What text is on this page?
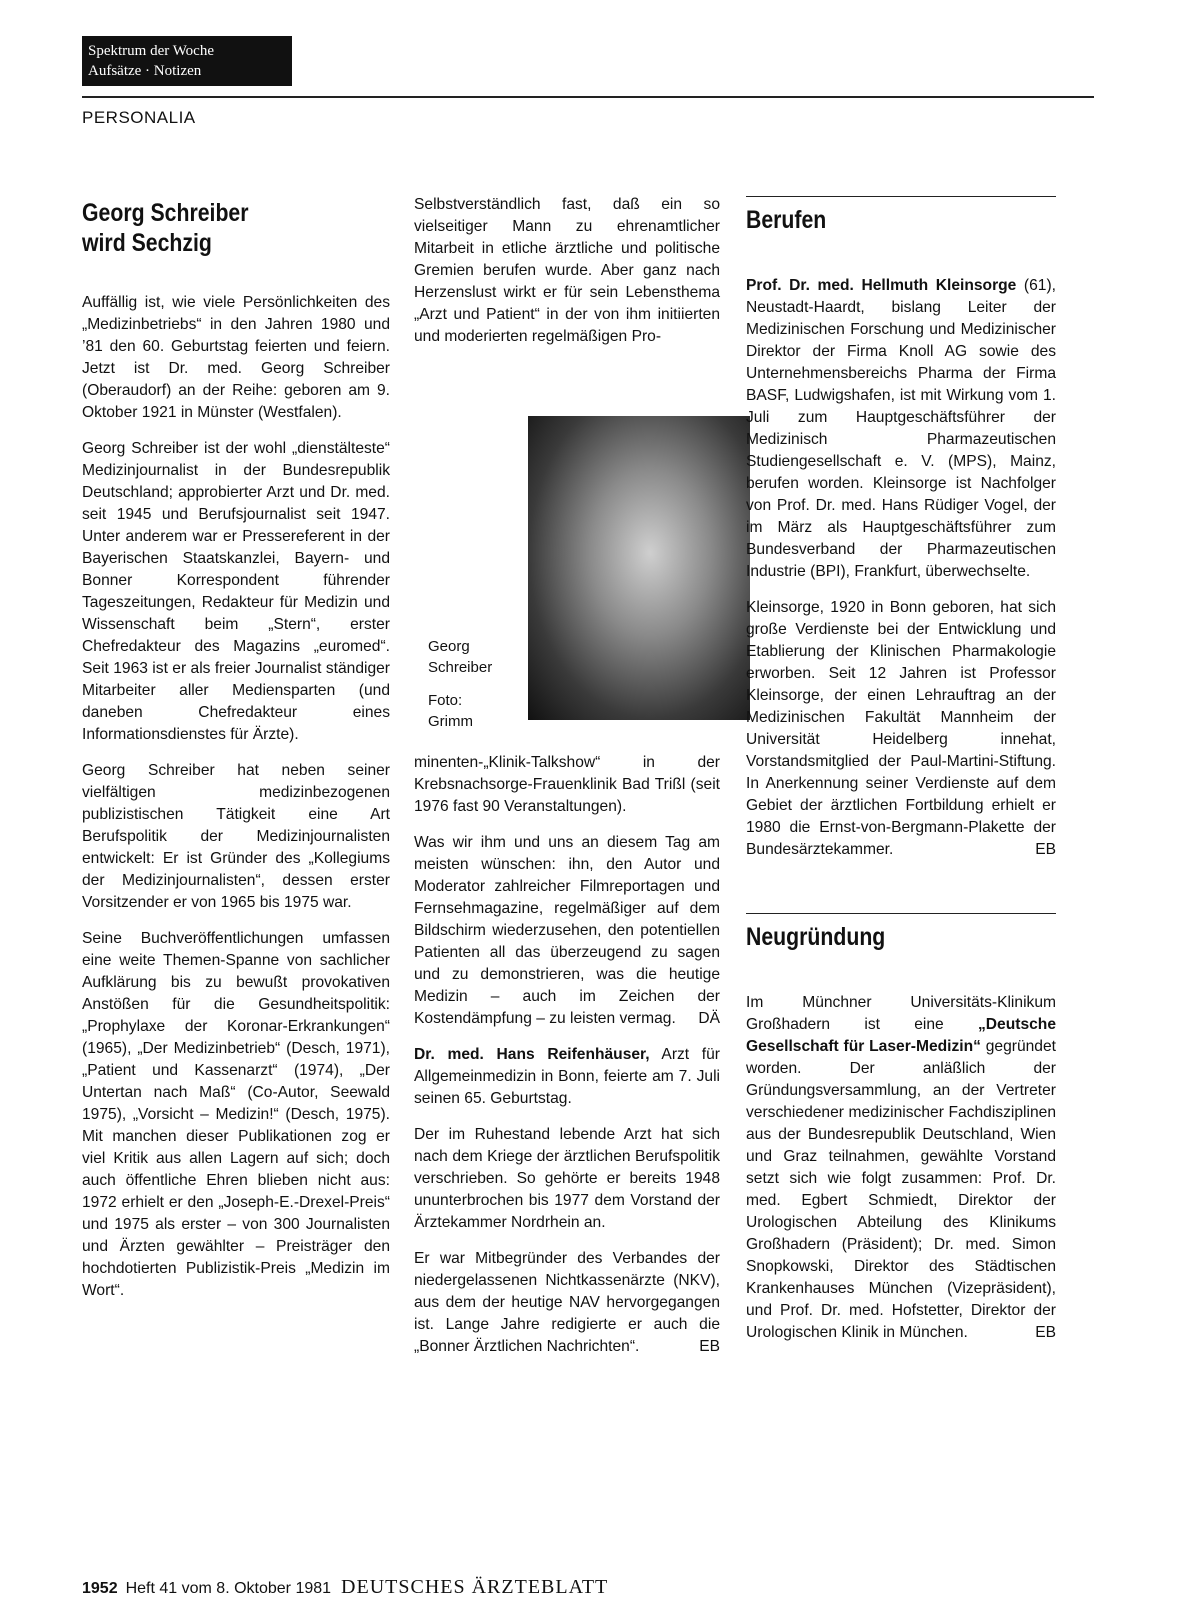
Spektrum der Woche
Aufsätze · Notizen
PERSONALIA
Georg Schreiber
wird Sechzig

Auffällig ist, wie viele Persönlichkeiten des „Medizinbetriebs“ in den Jahren 1980 und ’81 den 60. Geburtstag feierten und feiern. Jetzt ist Dr. med. Georg Schreiber (Oberaudorf) an der Reihe: geboren am 9. Oktober 1921 in Münster (Westfalen).

Georg Schreiber ist der wohl „dienstälteste“ Medizinjournalist in der Bundesrepublik Deutschland; approbierter Arzt und Dr. med. seit 1945 und Berufsjournalist seit 1947. Unter anderem war er Pressereferent in der Bayerischen Staatskanzlei, Bayern- und Bonner Korrespondent führender Tageszeitungen, Redakteur für Medizin und Wissenschaft beim „Stern“, erster Chefredakteur des Magazins „euromed“. Seit 1963 ist er als freier Journalist ständiger Mitarbeiter aller Mediensparten (und daneben Chefredakteur eines Informationsdienstes für Ärzte).

Georg Schreiber hat neben seiner vielfältigen medizinbezogenen publizistischen Tätigkeit eine Art Berufspolitik der Medizinjournalisten entwickelt: Er ist Gründer des „Kollegiums der Medizinjournalisten“, dessen erster Vorsitzender er von 1965 bis 1975 war.

Seine Buchveröffentlichungen umfassen eine weite Themen-Spanne von sachlicher Aufklärung bis zu bewußt provokativen Anstößen für die Gesundheitspolitik: „Prophylaxe der Koronar-Erkrankungen“ (1965), „Der Medizinbetrieb“ (Desch, 1971), „Patient und Kassenarzt“ (1974), „Der Untertan nach Maß“ (Co-Autor, Seewald 1975), „Vorsicht – Medizin!“ (Desch, 1975). Mit manchen dieser Publikationen zog er viel Kritik aus allen Lagern auf sich; doch auch öffentliche Ehren blieben nicht aus: 1972 erhielt er den „Joseph-E.-Drexel-Preis“ und 1975 als erster – von 300 Journalisten und Ärzten gewählter – Preisträger den hochdotierten Publizistik-Preis „Medizin im Wort“.

Selbstverständlich fast, daß ein so vielseitiger Mann zu ehrenamtlicher Mitarbeit in etliche ärztliche und politische Gremien berufen wurde. Aber ganz nach Herzenslust wirkt er für sein Lebensthema „Arzt und Patient“ in der von ihm initiierten und moderierten regelmäßigen Pro-

Georg
Schreiber
Foto:
Grimm

minenten-„Klinik-Talkshow“ in der Krebsnachsorge-Frauenklinik Bad Trißl (seit 1976 fast 90 Veranstaltungen).

Was wir ihm und uns an diesem Tag am meisten wünschen: ihn, den Autor und Moderator zahlreicher Filmreportagen und Fernsehmagazine, regelmäßiger auf dem Bildschirm wiederzusehen, den potentiellen Patienten all das überzeugend zu sagen und zu demonstrieren, was die heutige Medizin – auch im Zeichen der Kostendämpfung – zu leisten vermag. DÄ

Dr. med. Hans Reifenhäuser, Arzt für Allgemeinmedizin in Bonn, feierte am 7. Juli seinen 65. Geburtstag.

Der im Ruhestand lebende Arzt hat sich nach dem Kriege der ärztlichen Berufspolitik verschrieben. So gehörte er bereits 1948 ununterbrochen bis 1977 dem Vorstand der Ärztekammer Nordrhein an.

Er war Mitbegründer des Verbandes der niedergelassenen Nichtkassenärzte (NKV), aus dem der heutige NAV hervorgegangen ist. Lange Jahre redigierte er auch die „Bonner Ärztlichen Nachrichten“.	EB

Berufen

Prof. Dr. med. Hellmuth Kleinsorge (61), Neustadt-Haardt, bislang Leiter der Medizinischen Forschung und Medizinischer Direktor der Firma Knoll AG sowie des Unternehmensbereichs Pharma der Firma BASF, Ludwigshafen, ist mit Wirkung vom 1. Juli zum Hauptgeschäftsführer der Medizinisch Pharmazeutischen Studiengesellschaft e. V. (MPS), Mainz, berufen worden. Kleinsorge ist Nachfolger von Prof. Dr. med. Hans Rüdiger Vogel, der im März als Hauptgeschäftsführer zum Bundesverband der Pharmazeutischen Industrie (BPI), Frankfurt, überwechselte.

Kleinsorge, 1920 in Bonn geboren, hat sich große Verdienste bei der Entwicklung und Etablierung der Klinischen Pharmakologie erworben. Seit 12 Jahren ist Professor Kleinsorge, der einen Lehrauftrag an der Medizinischen Fakultät Mannheim der Universität Heidelberg innehat, Vorstandsmitglied der Paul-Martini-Stiftung. In Anerkennung seiner Verdienste auf dem Gebiet der ärztlichen Fortbildung erhielt er 1980 die Ernst-von-Bergmann-Plakette der Bundesärztekammer.	EB

Neugründung

Im Münchner Universitäts-Klinikum Großhadern ist eine „Deutsche Gesellschaft für Laser-Medizin“ gegründet worden. Der anläßlich der Gründungsversammlung, an der Vertreter verschiedener medizinischer Fachdisziplinen aus der Bundesrepublik Deutschland, Wien und Graz teilnahmen, gewählte Vorstand setzt sich wie folgt zusammen: Prof. Dr. med. Egbert Schmiedt, Direktor der Urologischen Abteilung des Klinikums Großhadern (Präsident); Dr. med. Simon Snopkowski, Direktor des Städtischen Krankenhauses München (Vizepräsident), und Prof. Dr. med. Hofstetter, Direktor der Urologischen Klinik in München.	EB

1952 Heft 41 vom 8. Oktober 1981 DEUTSCHES ÄRZTEBLATT
